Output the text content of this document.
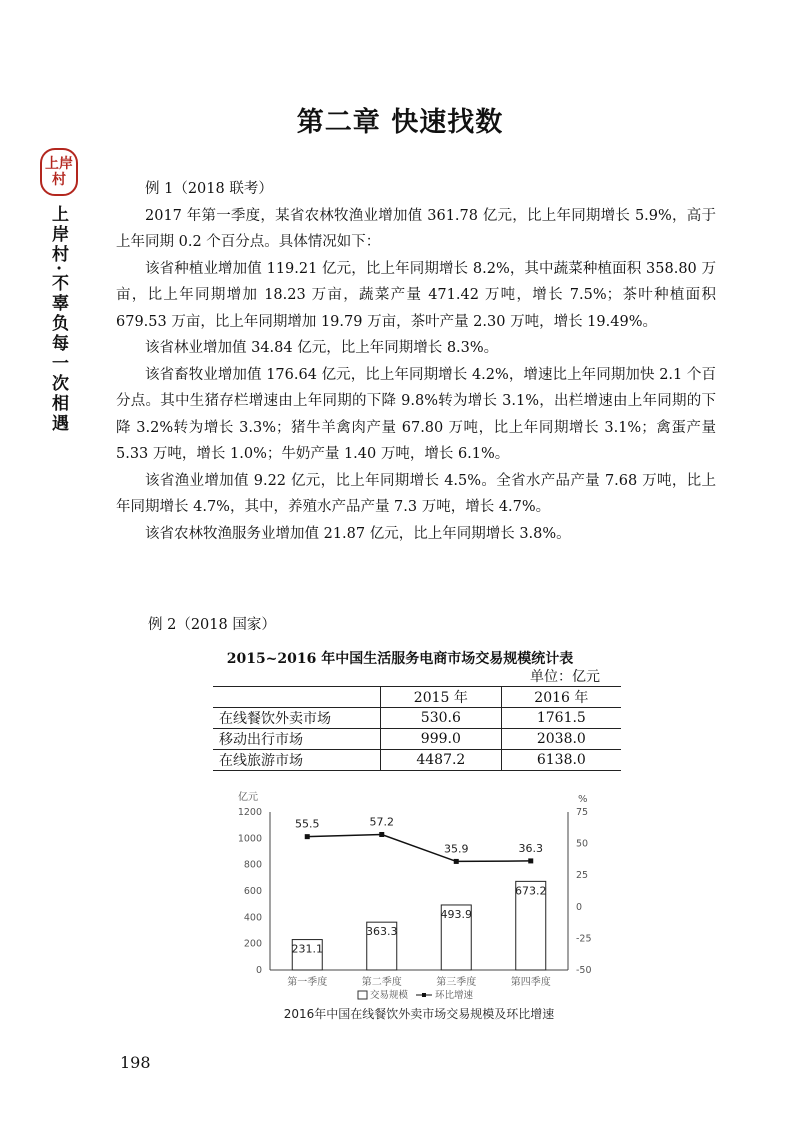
第二章 快速找数
上岸
村
上岸村·不辜负每一次相遇

例 1（2018 联考）

2017 年第一季度，某省农林牧渔业增加值 361.78 亿元，比上年同期增长 5.9%，高于上年同期 0.2 个百分点。具体情况如下：

该省种植业增加值 119.21 亿元，比上年同期增长 8.2%，其中蔬菜种植面积 358.80 万亩，比上年同期增加 18.23 万亩，蔬菜产量 471.42 万吨，增长 7.5%；茶叶种植面积 679.53 万亩，比上年同期增加 19.79 万亩，茶叶产量 2.30 万吨，增长 19.49%。

该省林业增加值 34.84 亿元，比上年同期增长 8.3%。

该省畜牧业增加值 176.64 亿元，比上年同期增长 4.2%，增速比上年同期加快 2.1 个百分点。其中生猪存栏增速由上年同期的下降 9.8%转为增长 3.1%，出栏增速由上年同期的下降 3.2%转为增长 3.3%；猪牛羊禽肉产量 67.80 万吨，比上年同期增长 3.1%；禽蛋产量 5.33 万吨，增长 1.0%；牛奶产量 1.40 万吨，增长 6.1%。

该省渔业增加值 9.22 亿元，比上年同期增长 4.5%。全省水产品产量 7.68 万吨，比上年同期增长 4.7%，其中，养殖水产品产量 7.3 万吨，增长 4.7%。

该省农林牧渔服务业增加值 21.87 亿元，比上年同期增长 3.8%。

例 2（2018 国家）
2015~2016 年中国生活服务电商市场交易规模统计表
单位：亿元
	2015 年	2016 年
在线餐饮外卖市场	530.6	1761.5
移动出行市场	999.0	2038.0
在线旅游市场	4487.2	6138.0
亿元	%
0
200
400
600
800
1000
1200
-50
-25
0
25
50
75
231.1
363.3
493.9
673.2
55.5	57.2
35.9	36.3
第一季度	第二季度	第三季度	第四季度
交易规模	环比增速
2016年中国在线餐饮外卖市场交易规模及环比增速
198
